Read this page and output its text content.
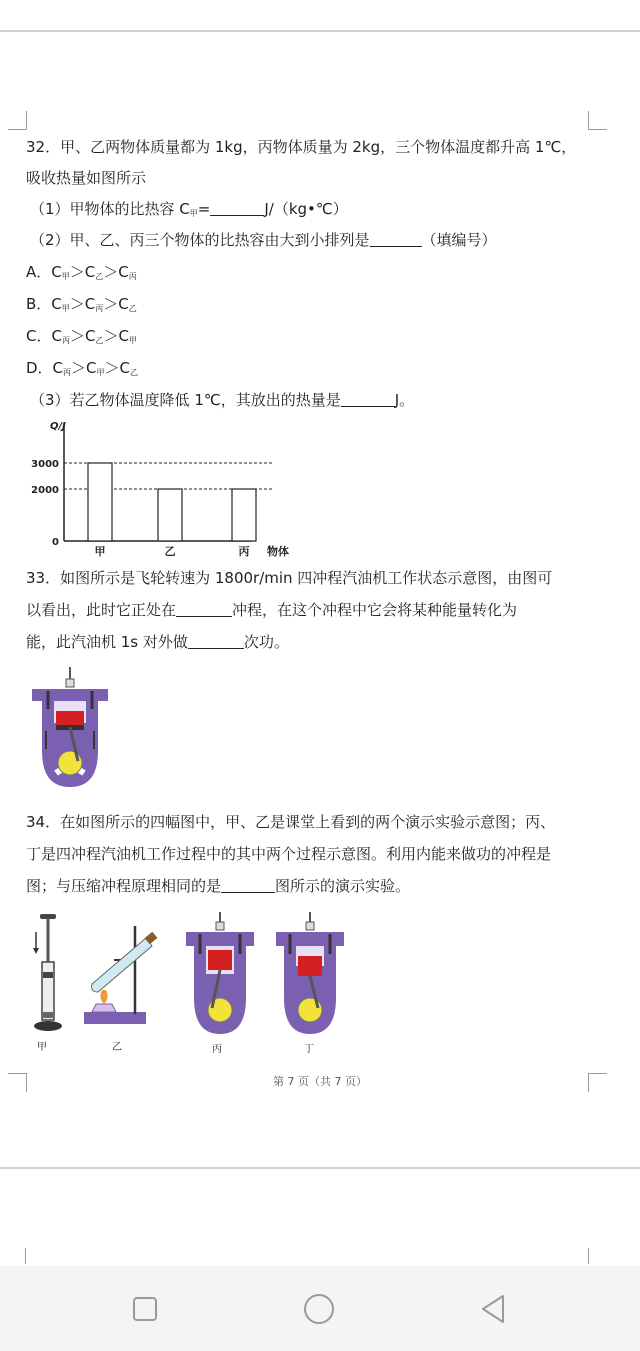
32．甲、乙两物体质量都为 1kg，丙物体质量为 2kg，三个物体温度都升高 1℃，
吸收热量如图所示
（1）甲物体的比热容 $C_甲=$	J/（kg•℃）
（2）甲、乙、丙三个物体的比热容由大到小排列是	（填编号）
A．$C_甲>C_乙>C_丙$
B．$C_甲>C_丙>C_乙$
C．$C_丙>C_乙>C_甲$
D．$C_丙>C_甲>C_乙$
（3）若乙物体温度降低 1℃，其放出的热量是	J。
0
2000
3000
Q/J
甲	乙	丙 物体
33．如图所示是飞轮转速为 1800r/min 四冲程汽油机工作状态示意图，由图可
以看出，此时它正处在	冲程，在这个冲程中它会将某种能量转化为
能，此汽油机 1s 对外做	次功。
34．在如图所示的四幅图中，甲、乙是课堂上看到的两个演示实验示意图；丙、
丁是四冲程汽油机工作过程中的其中两个过程示意图。利用内能来做功的冲程是
图；与压缩冲程原理相同的是	图所示的演示实验。
甲	乙	丙	丁
第 7 页（共 7 页）
